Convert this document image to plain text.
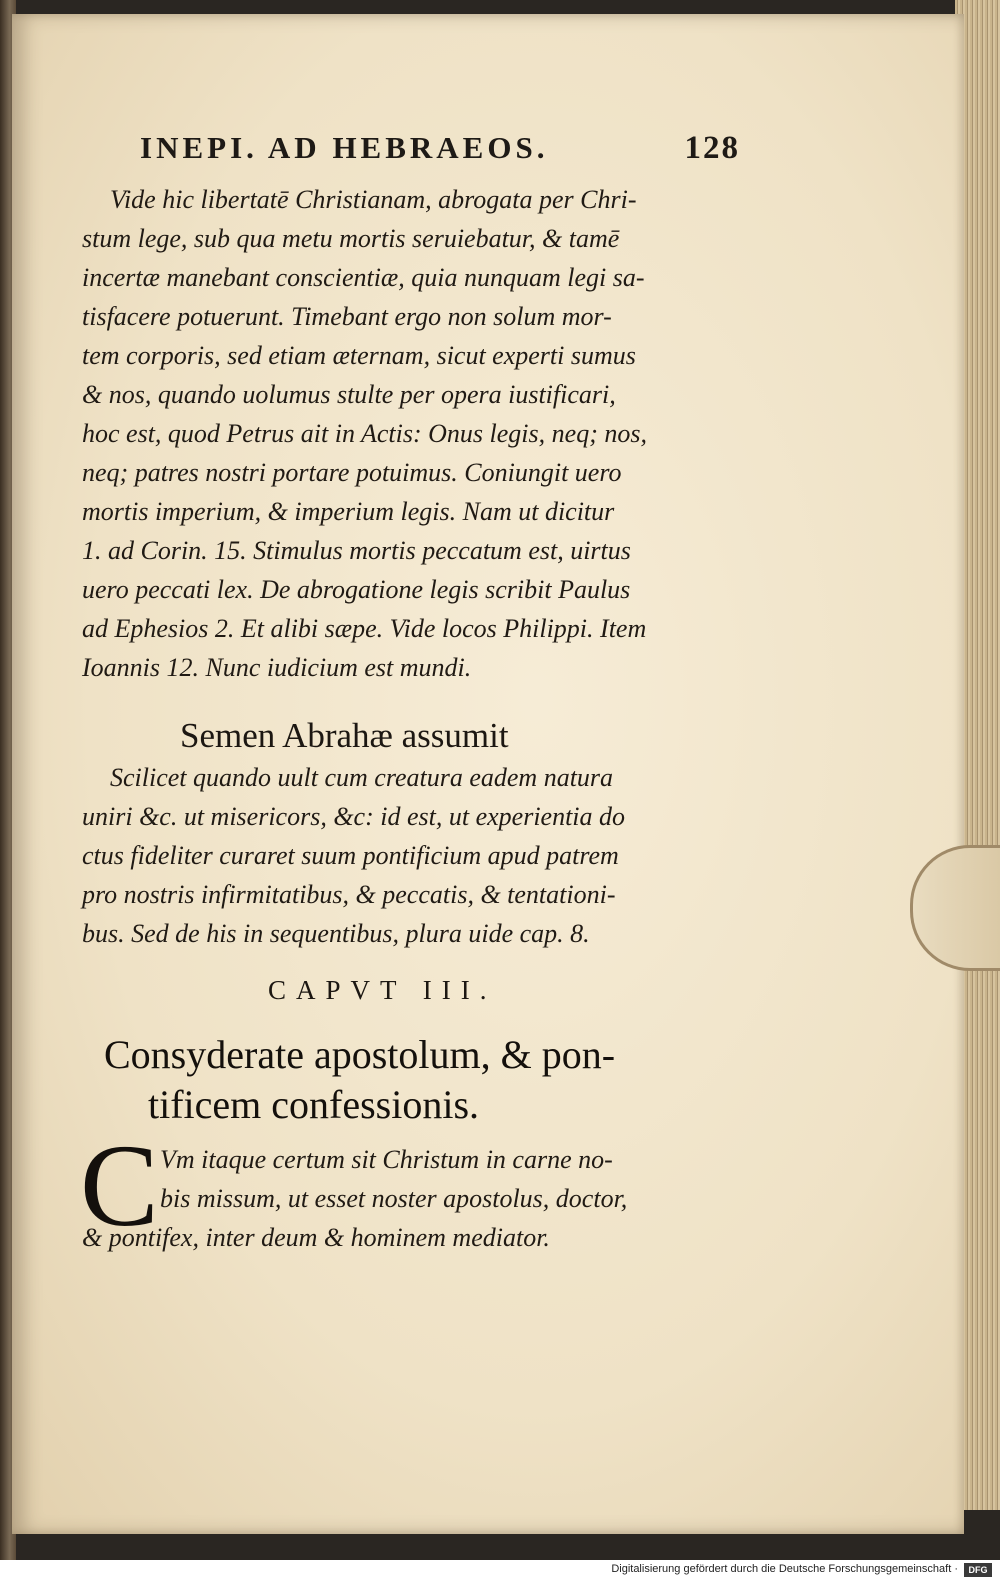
INEPI. AD HEBRAEOS.	128
Vide hic libertatē Christianam, abrogata per Chri-
stum lege, sub qua metu mortis seruiebatur, & tamē
incertæ manebant conscientiæ, quia nunquam legi sa-
tisfacere potuerunt. Timebant ergo non solum mor-
tem corporis, sed etiam æternam, sicut experti sumus
& nos, quando uolumus stulte per opera iustificari,
hoc est, quod Petrus ait in Actis: Onus legis, neq; nos,
neq; patres nostri portare potuimus. Coniungit uero
mortis imperium, & imperium legis. Nam ut dicitur
1. ad Corin. 15. Stimulus mortis peccatum est, uirtus
uero peccati lex. De abrogatione legis scribit Paulus
ad Ephesios 2. Et alibi sæpe. Vide locos Philippi. Item
Ioannis 12. Nunc iudicium est mundi.
Semen Abrahæ assumit
Scilicet quando uult cum creatura eadem natura
uniri &c. ut misericors, &c: id est, ut experientia do
ctus fideliter curaret suum pontificium apud patrem
pro nostris infirmitatibus, & peccatis, & tentationi-
bus. Sed de his in sequentibus, plura uide cap. 8.
CAPVT III.
Consyderate apostolum, & pon-
tificem confessionis.
C Vm itaque certum sit Christum in carne no-
bis missum, ut esset noster apostolus, doctor,
& pontifex, inter deum & hominem mediator.
Digitalisierung gefördert durch die Deutsche Forschungsgemeinschaft ·	DFG
